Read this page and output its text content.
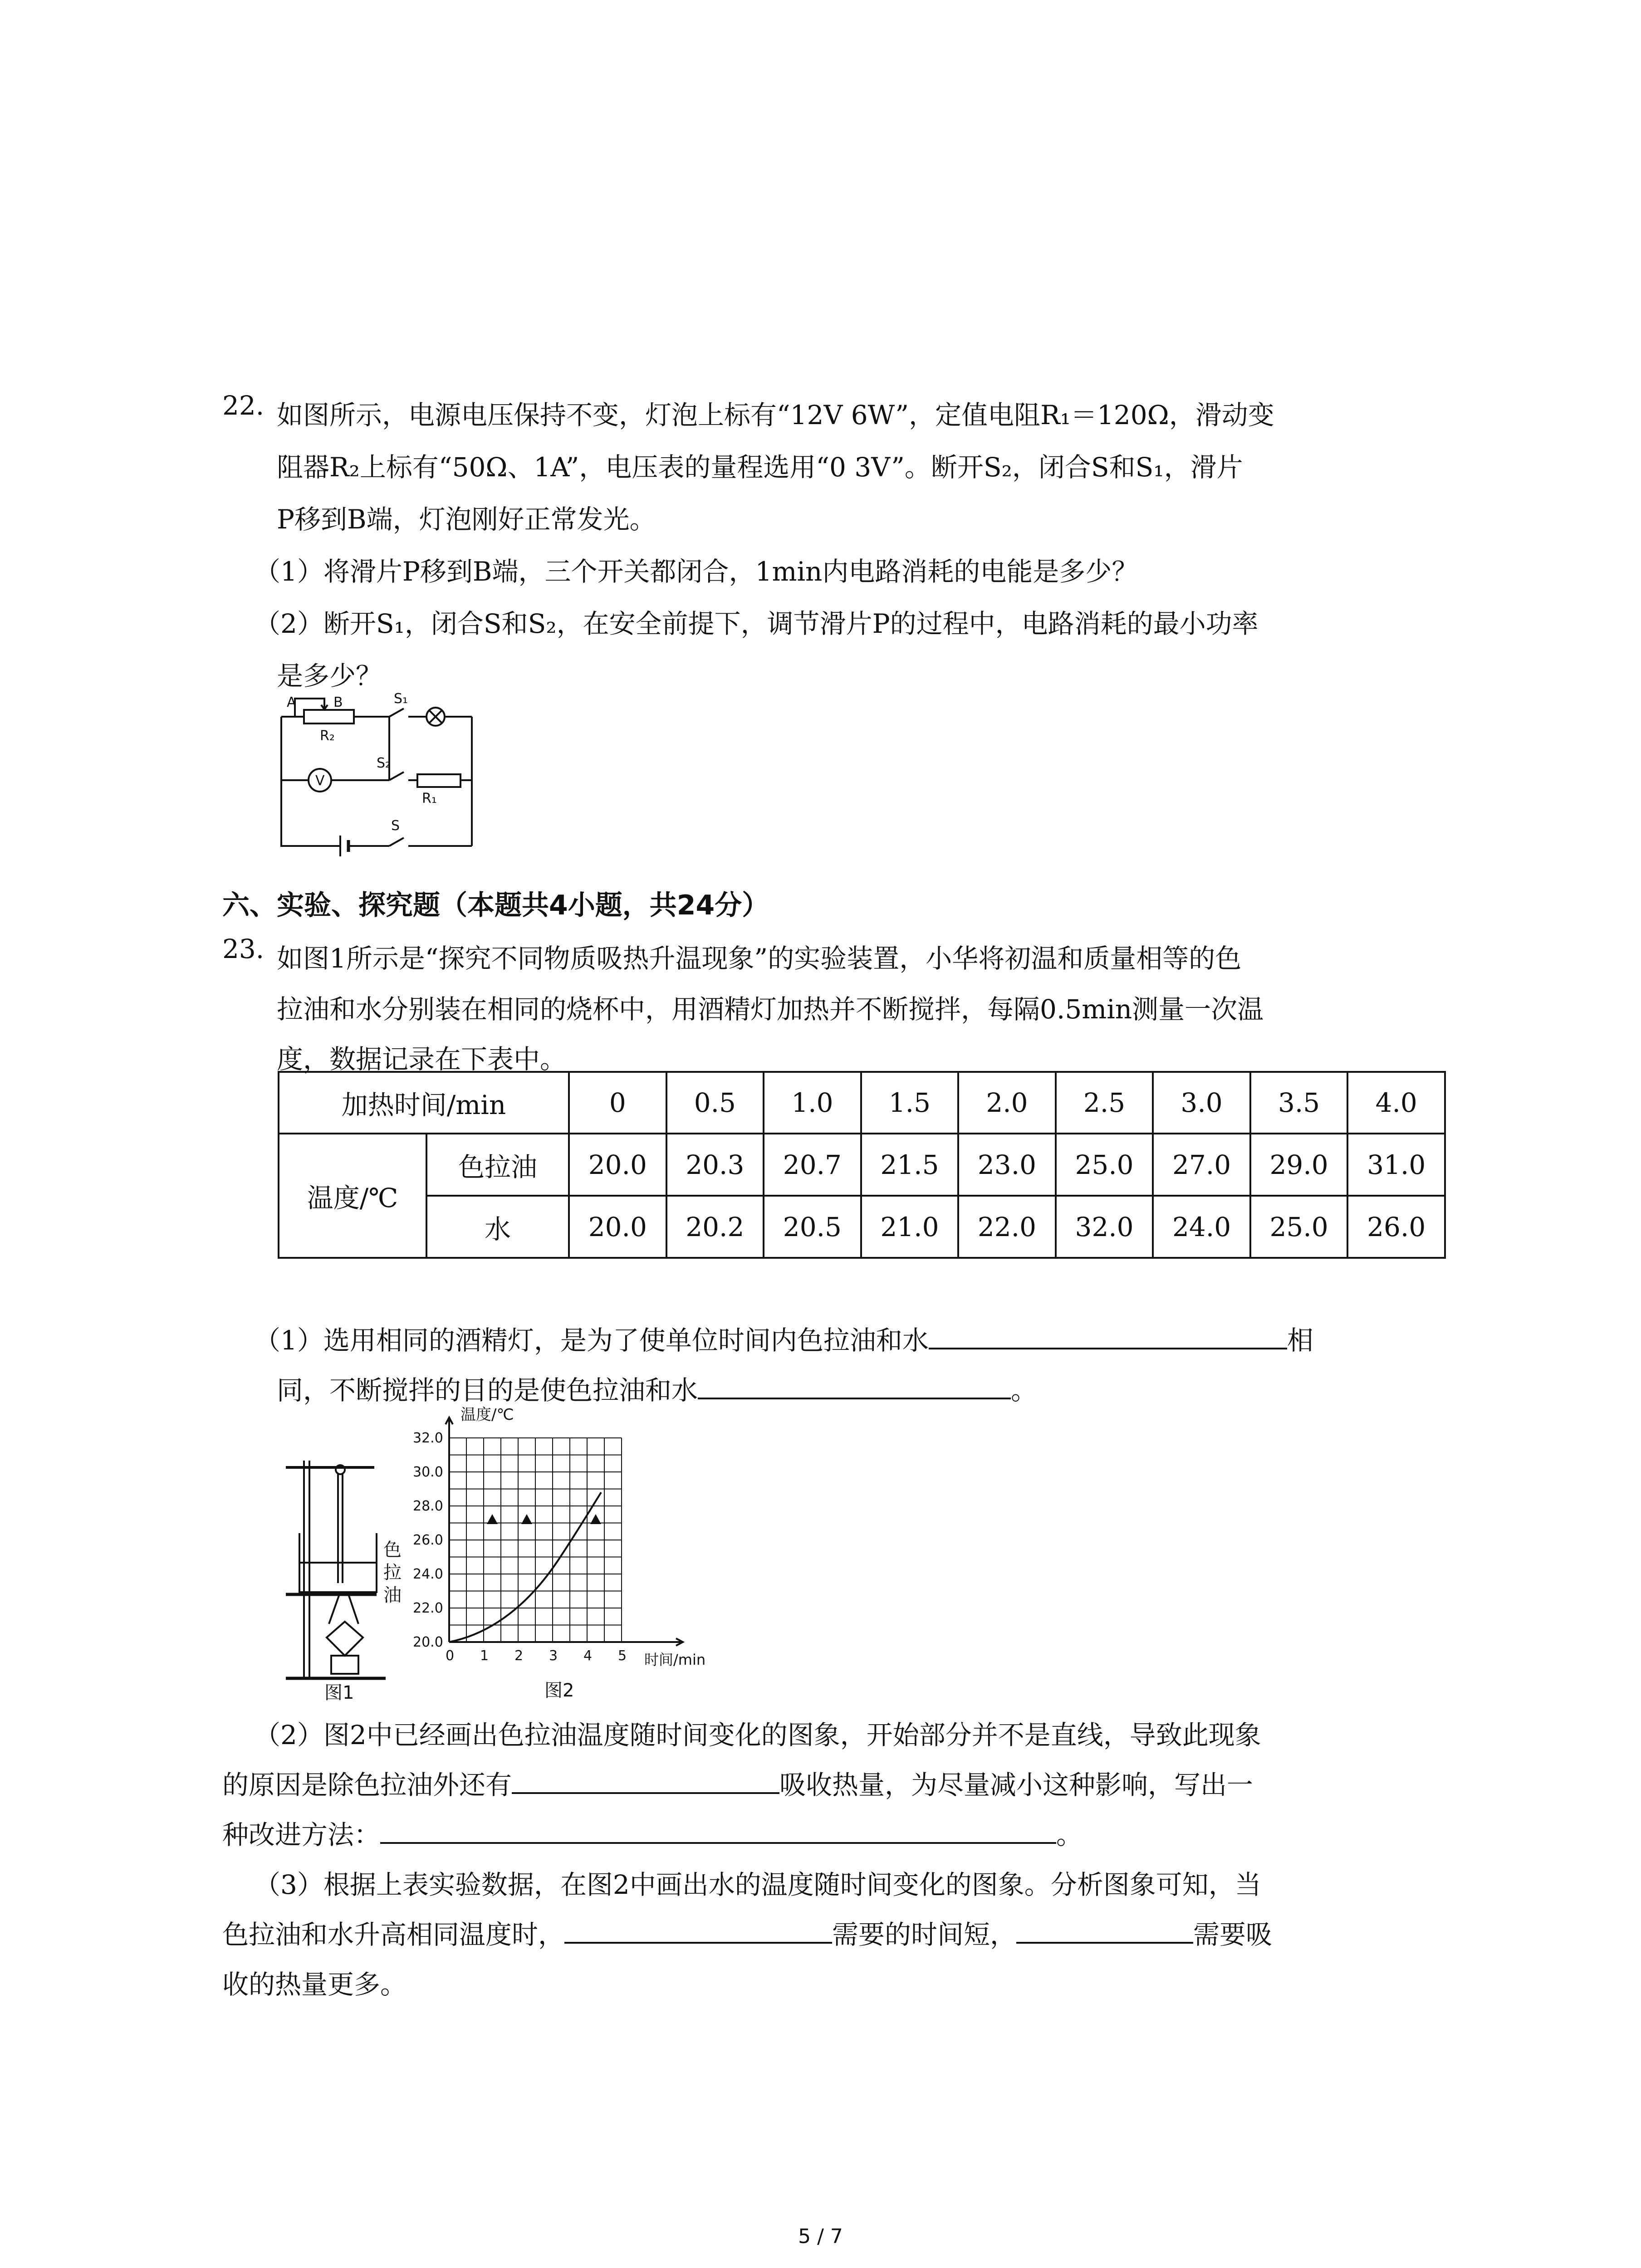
22. 如图所示，电源电压保持不变，灯泡上标有“12V 6W”，定值电阻R₁＝120Ω，滑动变
阻器R₂上标有“50Ω、1A”，电压表的量程选用“0 3V”。断开S₂，闭合S和S₁，滑片
P移到B端，灯泡刚好正常发光。
（1）将滑片P移到B端，三个开关都闭合，1min内电路消耗的电能是多少？
（2）断开S₁，闭合S和S₂，在安全前提下，调节滑片P的过程中，电路消耗的最小功率
是多少？
A	B
R₂
V
S₁
S₂
R₁
S
六、实验、探究题（本题共4小题，共24分）
23. 如图1所示是“探究不同物质吸热升温现象”的实验装置，小华将初温和质量相等的色
拉油和水分别装在相同的烧杯中，用酒精灯加热并不断搅拌，每隔0.5min测量一次温
度，数据记录在下表中。
加热时间/min		0	0.5	1.0	1.5	2.0	2.5	3.0	3.5	4.0
温度/℃	色拉油	20.0	20.3	20.7	21.5	23.0	25.0	27.0	29.0	31.0
	水	20.0	20.2	20.5	21.0	22.0	32.0	24.0	25.0	26.0
（1）选用相同的酒精灯，是为了使单位时间内色拉油和水	相
同，不断搅拌的目的是使色拉油和水	。
色
拉
油
图1
20.0
22.0
24.0
26.0
28.0
30.0
32.0
0 1 2 3 4 5
温度/℃
时间/min
图2
（2）图2中已经画出色拉油温度随时间变化的图象，开始部分并不是直线，导致此现象
的原因是除色拉油外还有	吸收热量，为尽量减小这种影响，写出一
种改进方法：	。
（3）根据上表实验数据，在图2中画出水的温度随时间变化的图象。分析图象可知，当
色拉油和水升高相同温度时，	需要的时间短，	需要吸
收的热量更多。
5 / 7
